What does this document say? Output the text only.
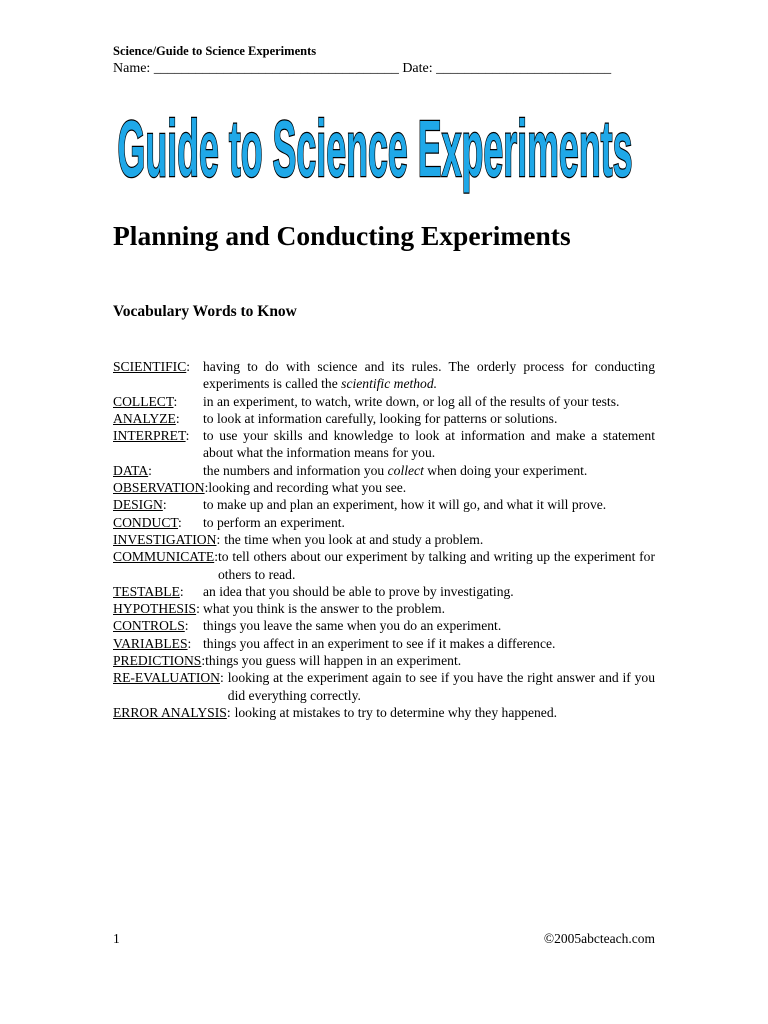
Science/Guide to Science Experiments
Name: ___________________________________ Date: _________________________
Guide to Science Experiments
Planning and Conducting Experiments
Vocabulary Words to Know
SCIENTIFIC: having to do with science and its rules. The orderly process for conducting experiments is called the scientific method.
COLLECT:	in an experiment, to watch, write down, or log all of the results of your tests.
ANALYZE:	to look at information carefully, looking for patterns or solutions.
INTERPRET:	to use your skills and knowledge to look at information and make a statement about what the information means for you.
DATA:	the numbers and information you collect when doing your experiment.
OBSERVATION: looking and recording what you see.
DESIGN:	to make up and plan an experiment, how it will go, and what it will prove.
CONDUCT:	to perform an experiment.
INVESTIGATION: the time when you look at and study a problem.
COMMUNICATE: to tell others about our experiment by talking and writing up the experiment for others to read.
TESTABLE:	an idea that you should be able to prove by investigating.
HYPOTHESIS: what you think is the answer to the problem.
CONTROLS:	things you leave the same when you do an experiment.
VARIABLES: things you affect in an experiment to see if it makes a difference.
PREDICTIONS: things you guess will happen in an experiment.
RE-EVALUATION: looking at the experiment again to see if you have the right answer and if you did everything correctly.
ERROR ANALYSIS: looking at mistakes to try to determine why they happened.
1	©2005abcteach.com
